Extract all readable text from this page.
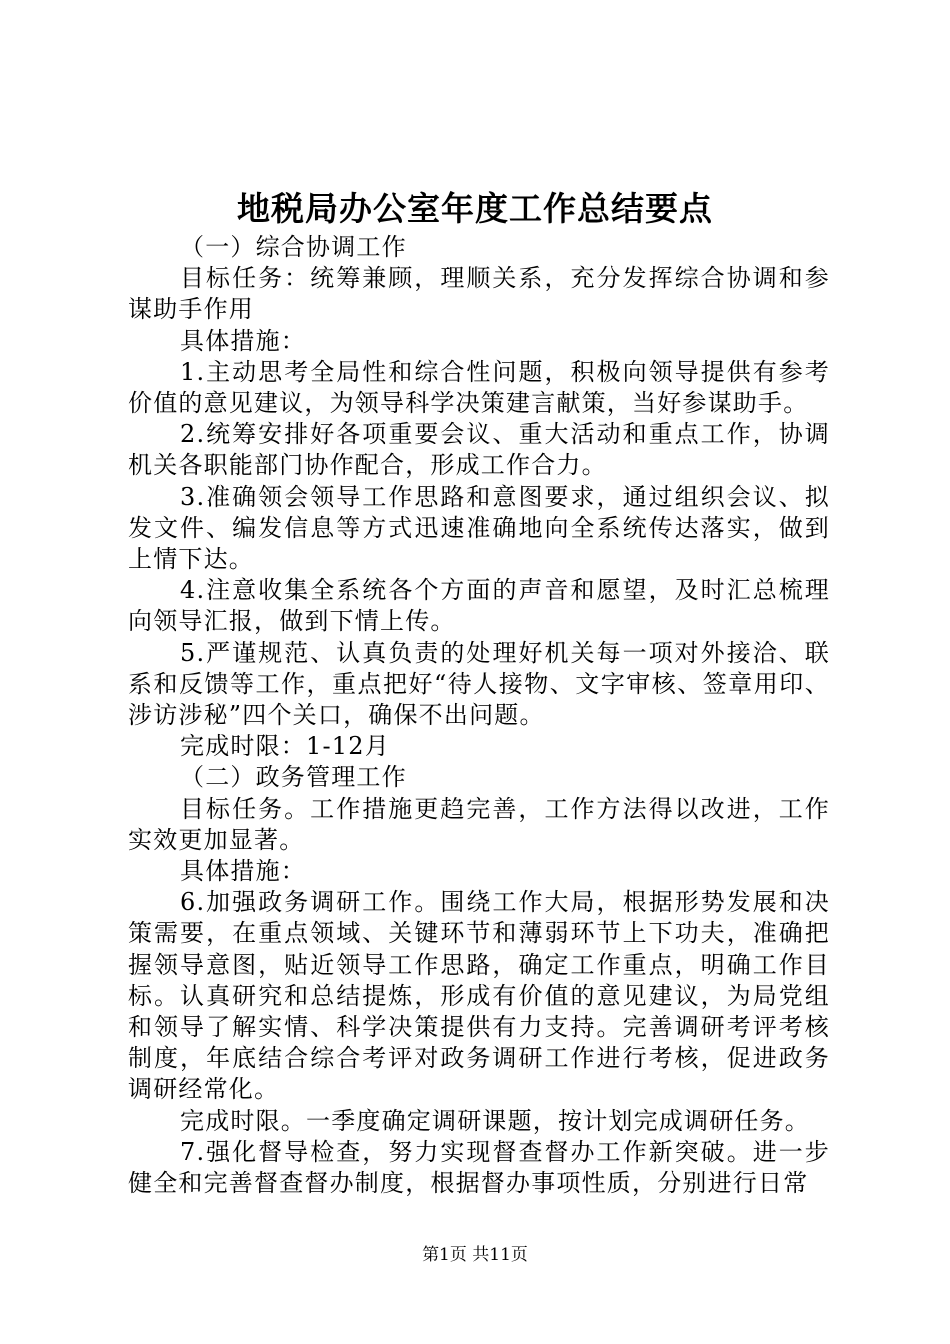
地税局办公室年度工作总结要点

（一）综合协调工作

目标任务：统筹兼顾，理顺关系，充分发挥综合协调和参谋助手作用

具体措施：

1.主动思考全局性和综合性问题，积极向领导提供有参考价值的意见建议，为领导科学决策建言献策，当好参谋助手。

2.统筹安排好各项重要会议、重大活动和重点工作，协调机关各职能部门协作配合，形成工作合力。

3.准确领会领导工作思路和意图要求，通过组织会议、拟发文件、编发信息等方式迅速准确地向全系统传达落实，做到上情下达。

4.注意收集全系统各个方面的声音和愿望，及时汇总梳理向领导汇报，做到下情上传。

5.严谨规范、认真负责的处理好机关每一项对外接洽、联系和反馈等工作，重点把好“待人接物、文字审核、签章用印、涉访涉秘”四个关口，确保不出问题。

完成时限：1-12月

（二）政务管理工作

目标任务。工作措施更趋完善，工作方法得以改进，工作实效更加显著。

具体措施：

6.加强政务调研工作。围绕工作大局，根据形势发展和决策需要，在重点领域、关键环节和薄弱环节上下功夫，准确把握领导意图，贴近领导工作思路，确定工作重点，明确工作目标。认真研究和总结提炼，形成有价值的意见建议，为局党组和领导了解实情、科学决策提供有力支持。完善调研考评考核制度，年底结合综合考评对政务调研工作进行考核，促进政务调研经常化。

完成时限。一季度确定调研课题，按计划完成调研任务。

7.强化督导检查，努力实现督查督办工作新突破。进一步健全和完善督查督办制度，根据督办事项性质，分别进行日常

第1页 共11页
